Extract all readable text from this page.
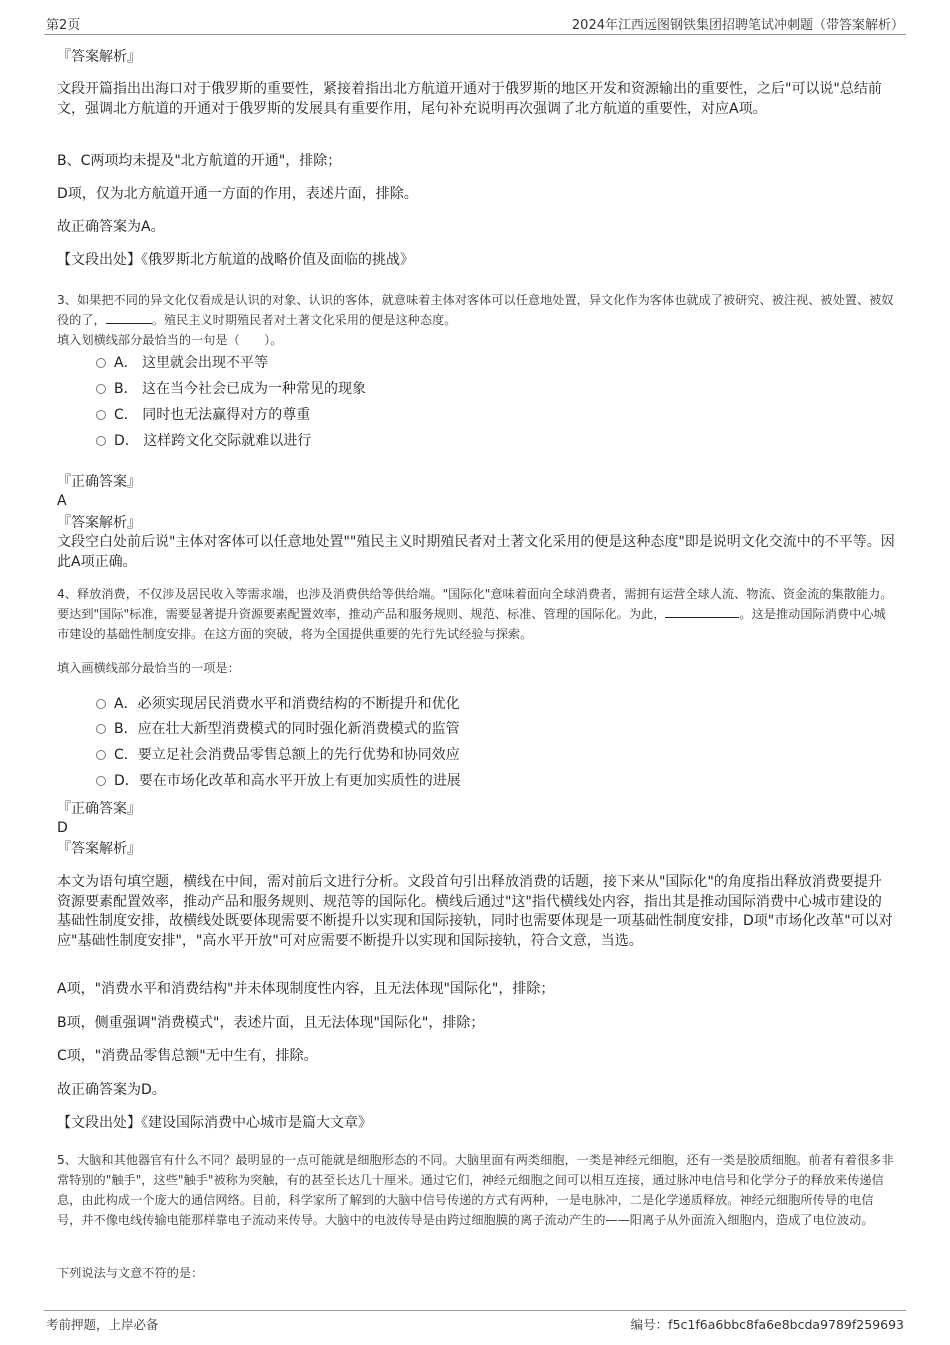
第2页	2024年江西远图钢铁集团招聘笔试冲刺题（带答案解析）

『答案解析』

文段开篇指出出海口对于俄罗斯的重要性，紧接着指出北方航道开通对于俄罗斯的地区开发和资源输出的重要性，之后"可以说"总结前文，强调北方航道的开通对于俄罗斯的发展具有重要作用，尾句补充说明再次强调了北方航道的重要性，对应A项。

B、C两项均未提及"北方航道的开通"，排除；

D项，仅为北方航道开通一方面的作用，表述片面，排除。

故正确答案为A。

【文段出处】《俄罗斯北方航道的战略价值及面临的挑战》

3、如果把不同的异文化仅看成是认识的对象、认识的客体，就意味着主体对客体可以任意地处置，异文化作为客体也就成了被研究、被注视、被处置、被奴役的了，	。殖民主义时期殖民者对土著文化采用的便是这种态度。

填入划横线部分最恰当的一句是（　　）。

A． 这里就会出现不平等
B． 这在当今社会已成为一种常见的现象
C． 同时也无法赢得对方的尊重
D． 这样跨文化交际就难以进行

『正确答案』

A

『答案解析』

文段空白处前后说"主体对客体可以任意地处置""殖民主义时期殖民者对土著文化采用的便是这种态度"即是说明文化交流中的不平等。因此A项正确。

4、释放消费，不仅涉及居民收入等需求端，也涉及消费供给等供给端。"国际化"意味着面向全球消费者，需拥有运营全球人流、物流、资金流的集散能力。要达到"国际"标准，需要显著提升资源要素配置效率，推动产品和服务规则、规范、标准、管理的国际化。为此，	。这是推动国际消费中心城市建设的基础性制度安排。在这方面的突破，将为全国提供重要的先行先试经验与探索。

填入画横线部分最恰当的一项是：

A．必须实现居民消费水平和消费结构的不断提升和优化
B．应在壮大新型消费模式的同时强化新消费模式的监管
C．要立足社会消费品零售总额上的先行优势和协同效应
D．要在市场化改革和高水平开放上有更加实质性的进展

『正确答案』

D

『答案解析』

本文为语句填空题，横线在中间，需对前后文进行分析。文段首句引出释放消费的话题，接下来从"国际化"的角度指出释放消费要提升资源要素配置效率，推动产品和服务规则、规范等的国际化。横线后通过"这"指代横线处内容，指出其是推动国际消费中心城市建设的基础性制度安排，故横线处既要体现需要不断提升以实现和国际接轨，同时也需要体现是一项基础性制度安排，D项"市场化改革"可以对应"基础性制度安排"，"高水平开放"可对应需要不断提升以实现和国际接轨，符合文意，当选。

A项，"消费水平和消费结构"并未体现制度性内容，且无法体现"国际化"，排除；

B项，侧重强调"消费模式"，表述片面，且无法体现"国际化"，排除；

C项，"消费品零售总额"无中生有，排除。

故正确答案为D。

【文段出处】《建设国际消费中心城市是篇大文章》

5、大脑和其他器官有什么不同？最明显的一点可能就是细胞形态的不同。大脑里面有两类细胞，一类是神经元细胞，还有一类是胶质细胞。前者有着很多非常特别的"触手"，这些"触手"被称为突触，有的甚至长达几十厘米。通过它们，神经元细胞之间可以相互连接，通过脉冲电信号和化学分子的释放来传递信息，由此构成一个庞大的通信网络。目前，科学家所了解到的大脑中信号传递的方式有两种，一是电脉冲，二是化学递质释放。神经元细胞所传导的电信号，并不像电线传输电能那样靠电子流动来传导。大脑中的电波传导是由跨过细胞膜的离子流动产生的——阳离子从外面流入细胞内，造成了电位波动。

下列说法与文意不符的是：

考前押题，上岸必备	编号：f5c1f6a6bbc8fa6e8bcda9789f259693
